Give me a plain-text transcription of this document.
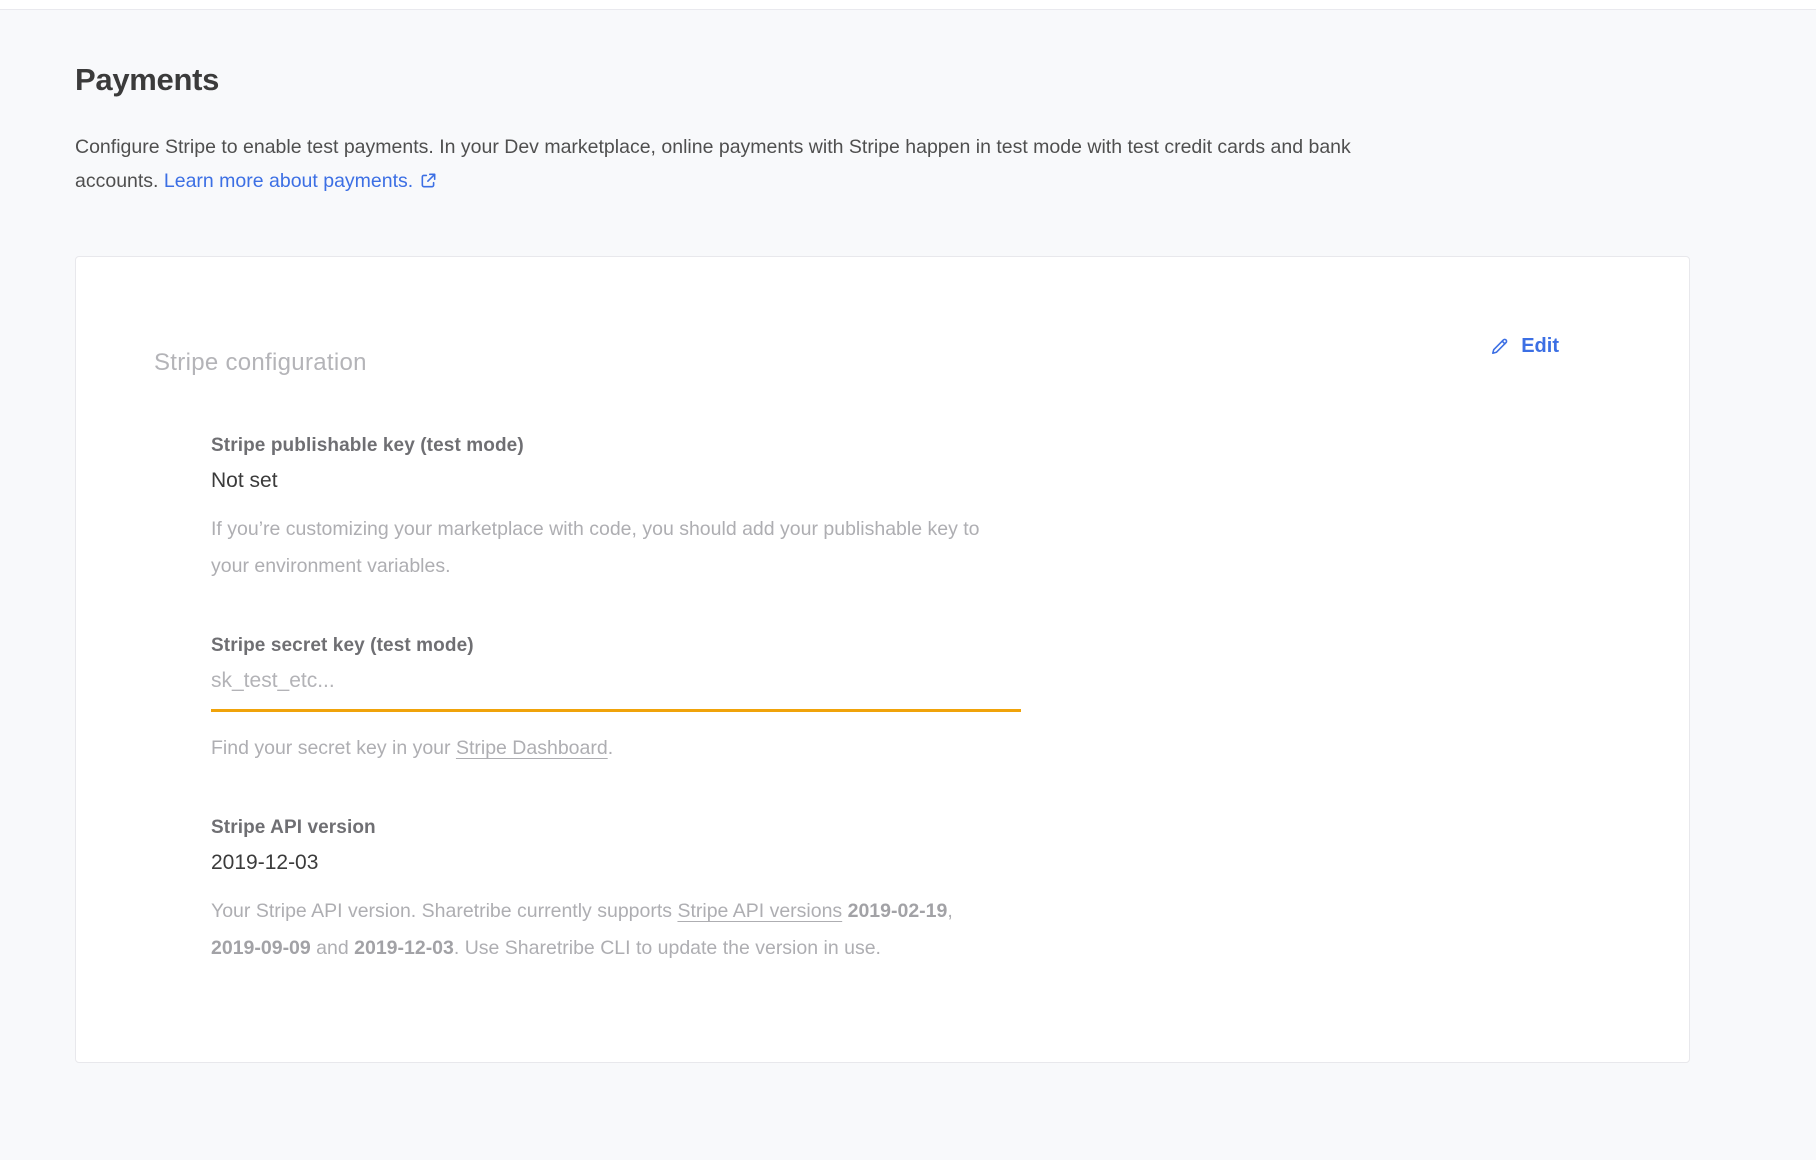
Payments

Configure Stripe to enable test payments. In your Dev marketplace, online payments with Stripe happen in test mode with test credit cards and bank accounts. Learn more about payments.

Stripe configuration
Edit
Stripe publishable key (test mode)
Not set

If you’re customizing your marketplace with code, you should add your publishable key to your environment variables.

Stripe secret key (test mode)
sk_test_etc...

Find your secret key in your Stripe Dashboard.

Stripe API version
2019-12-03

Your Stripe API version. Sharetribe currently supports Stripe API versions 2019-02-19, 2019-09-09 and 2019-12-03. Use Sharetribe CLI to update the version in use.
